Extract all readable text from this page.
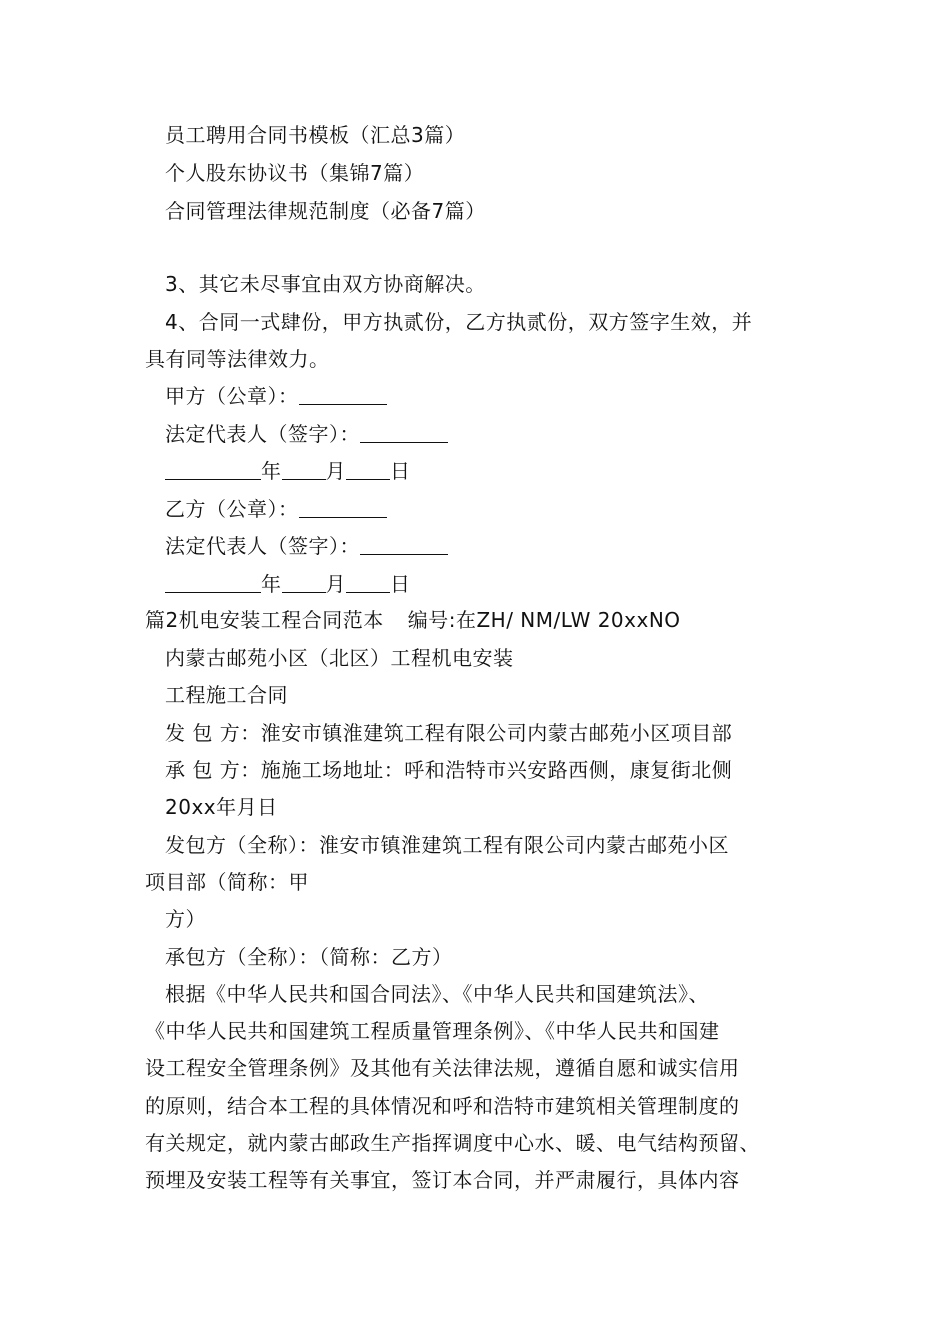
员工聘用合同书模板（汇总3篇）
个人股东协议书（集锦7篇）
合同管理法律规范制度（必备7篇）
3、其它未尽事宜由双方协商解决。
4、合同一式肆份，甲方执贰份，乙方执贰份，双方签字生效，并
具有同等法律效力。
甲方（公章）：
法定代表人（签字）：
年 月 日
乙方（公章）：
法定代表人（签字）：
年 月 日
篇2机电安装工程合同范本 编号:在ZH/ NM/LW 20xxNO
内蒙古邮苑小区（北区）工程机电安装
工程施工合同
发 包 方：淮安市镇淮建筑工程有限公司内蒙古邮苑小区项目部
承 包 方：施施工场地址：呼和浩特市兴安路西侧，康复街北侧
20xx年月日
发包方（全称）：淮安市镇淮建筑工程有限公司内蒙古邮苑小区
项目部（简称：甲
方）
承包方（全称）：（简称：乙方）
根据《中华人民共和国合同法》、《中华人民共和国建筑法》、
《中华人民共和国建筑工程质量管理条例》、《中华人民共和国建
设工程安全管理条例》及其他有关法律法规，遵循自愿和诚实信用
的原则，结合本工程的具体情况和呼和浩特市建筑相关管理制度的
有关规定，就内蒙古邮政生产指挥调度中心水、暖、电气结构预留、
预埋及安装工程等有关事宜，签订本合同，并严肃履行，具体内容
